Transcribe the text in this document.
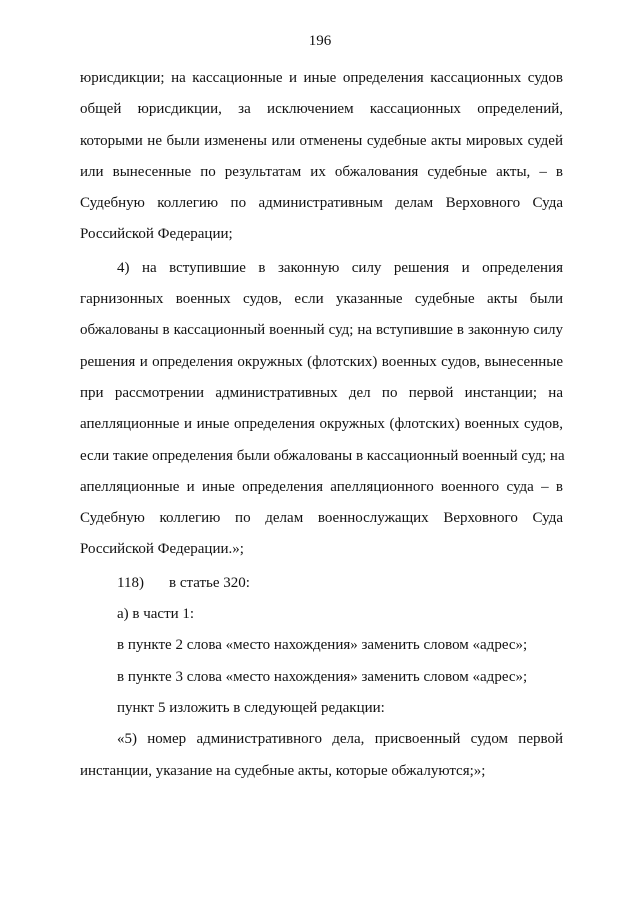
196
юрисдикции; на кассационные и иные определения кассационных судов
общей юрисдикции, за исключением кассационных определений,
которыми не были изменены или отменены судебные акты мировых судей
или вынесенные по результатам их обжалования судебные акты, – в
Судебную коллегию по административным делам Верховного Суда
Российской Федерации;
4) на вступившие в законную силу решения и определения
гарнизонных военных судов, если указанные судебные акты были
обжалованы в кассационный военный суд; на вступившие в законную силу
решения и определения окружных (флотских) военных судов, вынесенные
при рассмотрении административных дел по первой инстанции; на
апелляционные и иные определения окружных (флотских) военных судов,
если такие определения были обжалованы в кассационный военный суд; на
апелляционные и иные определения апелляционного военного суда – в
Судебную коллегию по делам военнослужащих Верховного Суда
Российской Федерации.»;
118) в статье 320:
а) в части 1:
в пункте 2 слова «место нахождения» заменить словом «адрес»;
в пункте 3 слова «место нахождения» заменить словом «адрес»;
пункт 5 изложить в следующей редакции:
«5) номер административного дела, присвоенный судом первой
инстанции, указание на судебные акты, которые обжалуются;»;
